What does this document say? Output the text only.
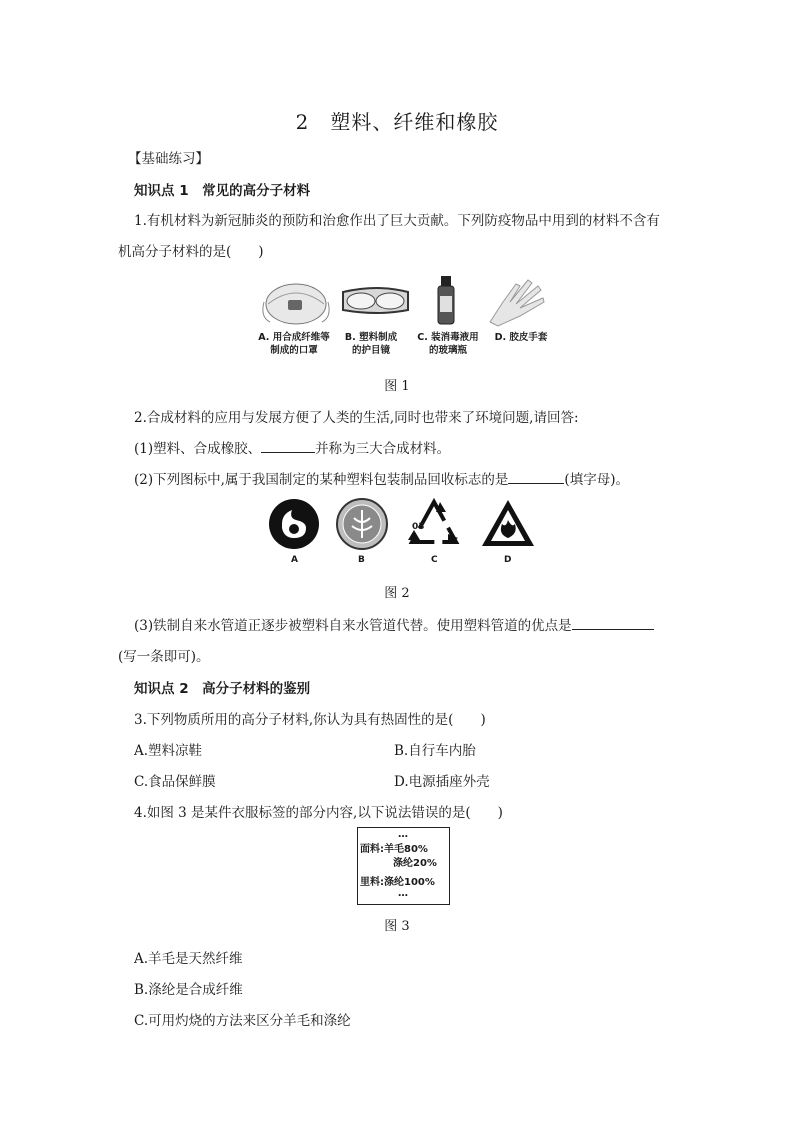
2　塑料、纤维和橡胶
【基础练习】
知识点 1　常见的高分子材料
1.有机材料为新冠肺炎的预防和治愈作出了巨大贡献。下列防疫物品中用到的材料不含有
机高分子材料的是(　　)
A. 用合成纤维等
制成的口罩
B. 塑料制成
的护目镜
C. 装消毒液用
的玻璃瓶
D. 胶皮手套
图 1
2.合成材料的应用与发展方便了人类的生活,同时也带来了环境问题,请回答:
(1)塑料、合成橡胶、	并称为三大合成材料。
(2)下列图标中,属于我国制定的某种塑料包装制品回收标志的是	(填字母)。
03
A	B	C	D
图 2
(3)铁制自来水管道正逐步被塑料自来水管道代替。使用塑料管道的优点是
(写一条即可)。
知识点 2　高分子材料的鉴别
3.下列物质所用的高分子材料,你认为具有热固性的是(　　)
A.塑料凉鞋	B.自行车内胎
C.食品保鲜膜	D.电源插座外壳
4.如图 3 是某件衣服标签的部分内容,以下说法错误的是(　　)
…
面料:羊毛80%
涤纶20%
里料:涤纶100%
…
图 3
A.羊毛是天然纤维
B.涤纶是合成纤维
C.可用灼烧的方法来区分羊毛和涤纶
